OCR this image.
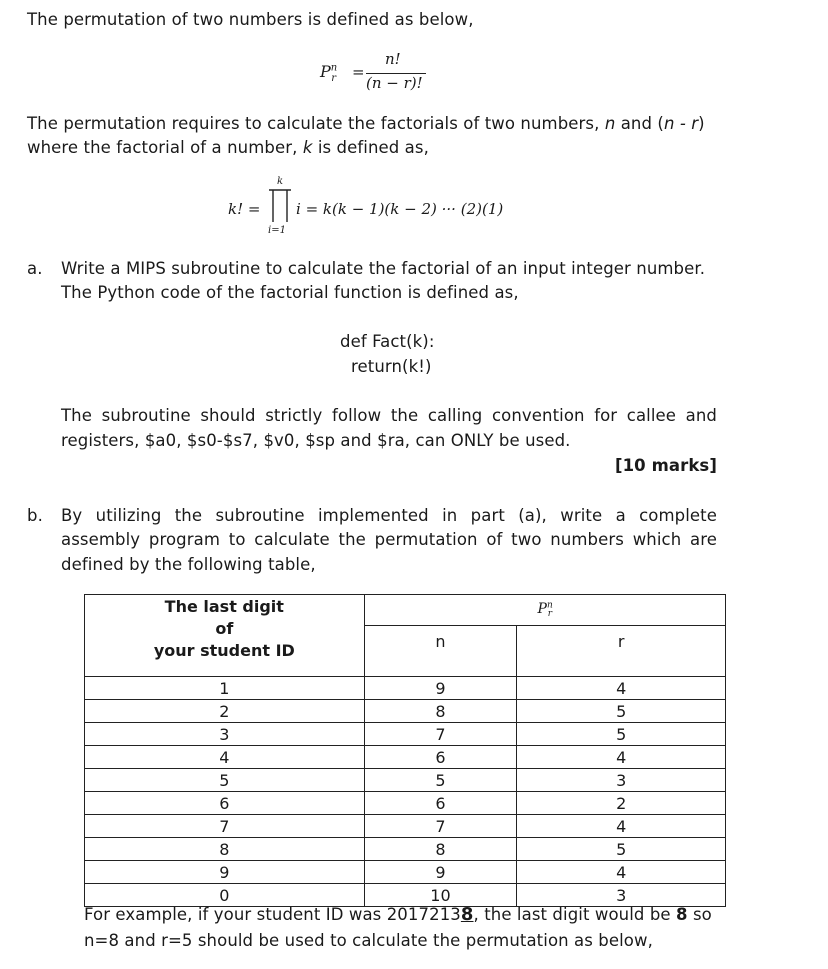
The permutation of two numbers is defined as below,
$P^n_r$ =
n!
(n − r)!
The permutation requires to calculate the factorials of two numbers, n and (n - r)
where the factorial of a number, k is defined as,
k! =
k
i=1
i = k(k − 1)(k − 2) ··· (2)(1)
a. Write a MIPS subroutine to calculate the factorial of an input integer number.
The Python code of the factorial function is defined as,
def Fact(k):
return(k!)
The subroutine should strictly follow the calling convention for callee and
registers, $a0, $s0-$s7, $v0, $sp and $ra, can ONLY be used.
[10 marks]
b. By utilizing the subroutine implemented in part (a), write a complete
assembly program to calculate the permutation of two numbers which are
defined by the following table,
The last digit
of
your student ID	$P^n_r$
	n	r
1	9	4
2	8	5
3	7	5
4	6	4
5	5	3
6	6	2
7	7	4
8	8	5
9	9	4
0	10	3
For example, if your student ID was 20172138, the last digit would be 8 so
n=8 and r=5 should be used to calculate the permutation as below,
